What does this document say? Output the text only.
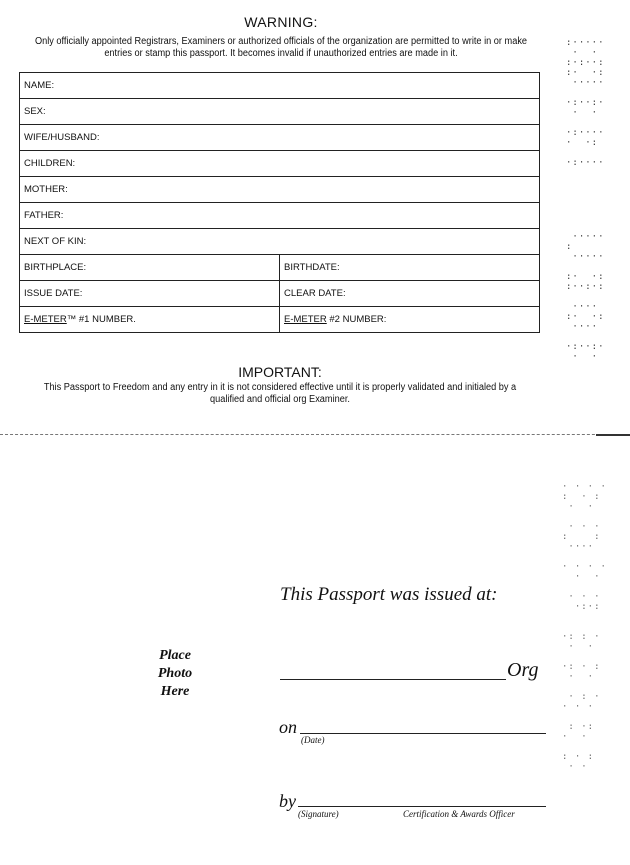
WARNING:
Only officially appointed Registrars, Examiners or authorized officials of the organization are permitted to write in or make entries or stamp this passport. It becomes invalid if unauthorized entries are made in it.
NAME:	
SEX:	
WIFE/HUSBAND:	
CHILDREN:	
MOTHER:	
FATHER:	
NEXT OF KIN:	
BIRTHPLACE:	BIRTHDATE:
ISSUE DATE:	CLEAR DATE:
E-METER™ #1 NUMBER.	E-METER #2 NUMBER:
IMPORTANT:
This Passport to Freedom and any entry in it is not considered effective until it is properly validated and initialed by a qualified and official org Examiner.
:·····
·  ·
:·:··:
:·  ·:
·····

·:··:·
·  ·

·:····
·  ·:

·:····
·····
:
·····

:·  ·:
:··:·:

····
:·  ·:
····

·:··:·
·  ·
· · · ·
:  · :
·  ·

· · ·
:    :
····

· · · ·
·  ·

· · ·
·:·:

·: : ·
·  ·

·: · :
·  ·

· : ·
· · ·

: ·:
·  ·

: · :
· ·
This Passport was issued at:
Place
Photo
Here
Org
on
(Date)
by
(Signature)	Certification & Awards Officer
